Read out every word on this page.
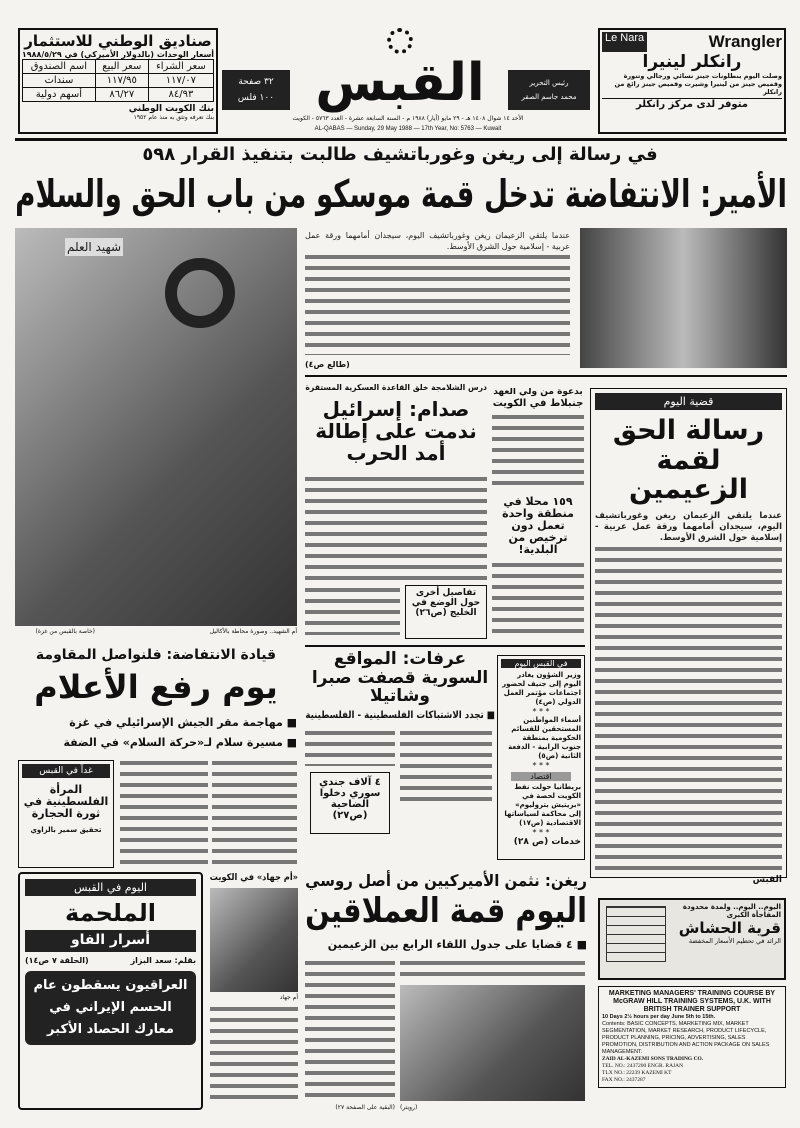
صناديق الوطني للاستثمار
أسعار الوحدات (بالدولار الأميركي) في ١٩٨٨/٥/٢٩
اسم الصندوق	سعر البيع	سعر الشراء
سندات	١١٧/٩٥	١١٧/٠٧
أسهم دولية	٨٦/٢٧	٨٤/٩٣
بنك الكويت الوطني
بنك تعرفه وتثق به منذ عام ١٩٥٢
٣٢ صفحة
١٠٠ فلس القبس	رئيس التحرير
محمد جاسم الصقر
الأحد ١٤ شوال ١٤٠٨ هـ - ٢٩ مايو (أيار) ١٩٨٨ م - السنة السابعة عشرة - العدد ٥٧٦٣ - الكويت
AL-QABAS — Sunday, 29 May 1988 — 17th Year, No: 5763 — Kuwait
Le Nara	Wrangler
رانكلر لينيرا
وصلت اليوم بنطلونات جينز نسائي ورجالي وتنورة وقميص جينز من لينيرا وشيرت وقميص جينز رائع من رانكلر
متوفر لدى مركز رانكلر
في رسالة إلى ريغن وغورباتشيف طالبت بتنفيذ القرار ٥٩٨
الأمير: الانتفاضة تدخل قمة موسكو من باب الحق والسلام
شهيد العلم
أم الشهيد.. وصورة محاطة بالأكاليل
(خاصة بالقبس من غزة)
عندما يلتقي الزعيمان ريغن وغورباتشيف اليوم، سيجدان أمامهما ورقة عمل عربية - إسلامية حول الشرق الأوسط.
(طالع ص٤)
قضية اليوم
رسالة الحق لقمة الزعيمين
عندما يلتقي الزعيمان ريغن وغورباتشيف اليوم، سيجدان أمامهما ورقة عمل عربية - إسلامية حول الشرق الأوسط.
القبس
بدعوة من ولي العهد
جنبلاط في الكويت
١٥٩ محلا في منطقة واحدة تعمل دون ترخيص من البلدية!
درس الشلامجة خلق القاعدة العسكرية المستقرة
صدام: إسرائيل ندمت على إطالة أمد الحرب
تفاصيل أخرى حول الوضع في الخليج (ص٢٦)
قيادة الانتفاضة: فلنواصل المقاومة
يوم رفع الأعلام
■ مهاجمة مقر الجيش الإسرائيلي في غزة
■ مسيرة سلام لـ«حركة السلام» في الضفة
غداً في القبس
المرأة الفلسطينية في ثورة الحجارة
تحقيق سمير بالزاوي
عرفات: المواقع السورية قصفت صبرا وشاتيلا
■ تجدد الاشتباكات الفلسطينية - الفلسطينية
٤ آلاف جندي سوري دخلوا الضاحية (ص٢٧)
في القبس اليوم
وزير الشؤون يغادر اليوم إلى جنيف لحضور اجتماعات مؤتمر العمل الدولي (ص٤)
* * *
أسماء المواطنين المستحقين للقسائم الحكومية بمنطقة جنوب الرابية - الدفعة الثانية (ص٥)
* * *
اقتصاد
بريطانيا حولت نفط الكويت لحصة في «بريتيش بتروليوم» إلى محاكمة لسياساتها الاقتصادية (ص١٧)
* * *
خدمات (ص ٢٨)
ريغن: نثمن الأميركيين من أصل روسي
اليوم قمة العملاقين
■ ٤ قضايا على جدول اللقاء الرابع بين الزعيمين
(رويتر)
«أم جهاد» في الكويت
أم جهاد
اليوم في القبس
الملحمة
أسرار الفاو
بقلم: سعد البزاز
(الحلقة ٧ ص١٤)
العراقيون يسقطون عام الحسم الإيراني في معارك الحصاد الأكبر
اليوم.. اليوم.. ولمدة محدودة المفاجأة الكبرى
قرية الحشاش
الرائد في تحطيم الأسعار المخفضة
MARKETING MANAGERS' TRAINING COURSE BY McGRAW HILL TRAINING SYSTEMS, U.K. WITH BRITISH TRAINER SUPPORT
10 Days 2½ hours per day June 5th to 15th.
Contents: BASIC CONCEPTS, MARKETING MIX, MARKET SEGMENTATION, MARKET RESEARCH, PRODUCT LIFECYCLE, PRODUCT PLANNING, PRICING, ADVERTISING, SALES PROMOTION, DISTRIBUTION AND ACTION PACKAGE ON SALES MANAGEMENT.
ZAID AL-KAZEMI SONS TRADING CO.
TEL. NO.: 2437200 ENGR. RAJAN
TLX NO.: 22239 KAZEMI KT
FAX NO.: 2437287
(البقية على الصفحة ٢٧)
